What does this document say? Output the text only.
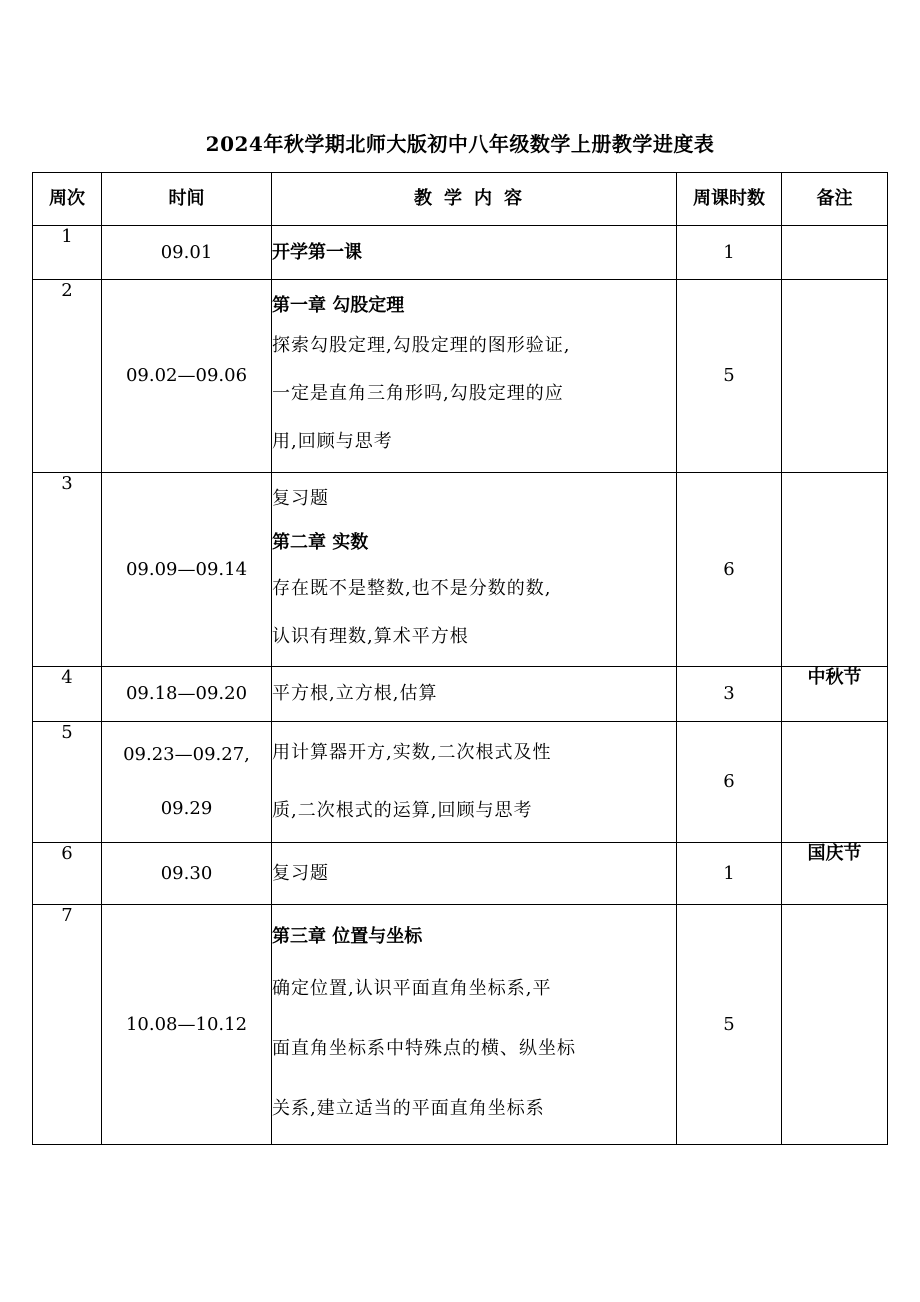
2024年秋学期北师大版初中八年级数学上册教学进度表
周次	时间	教学内容	周课时数	备注
1	09.01	开学第一课	1	
2	09.02—09.06	第一章 勾股定理
探索勾股定理,勾股定理的图形验证,
一定是直角三角形吗,勾股定理的应
用,回顾与思考	5	
3	09.09—09.14	复习题
第二章 实数
存在既不是整数,也不是分数的数,
认识有理数,算术平方根	6	
4	09.18—09.20	平方根,立方根,估算	3	中秋节
5	09.23—09.27,
09.29	用计算器开方,实数,二次根式及性
质,二次根式的运算,回顾与思考	6	
6	09.30	复习题	1	国庆节
7	10.08—10.12	第三章 位置与坐标
确定位置,认识平面直角坐标系,平
面直角坐标系中特殊点的横、纵坐标
关系,建立适当的平面直角坐标系	5	
